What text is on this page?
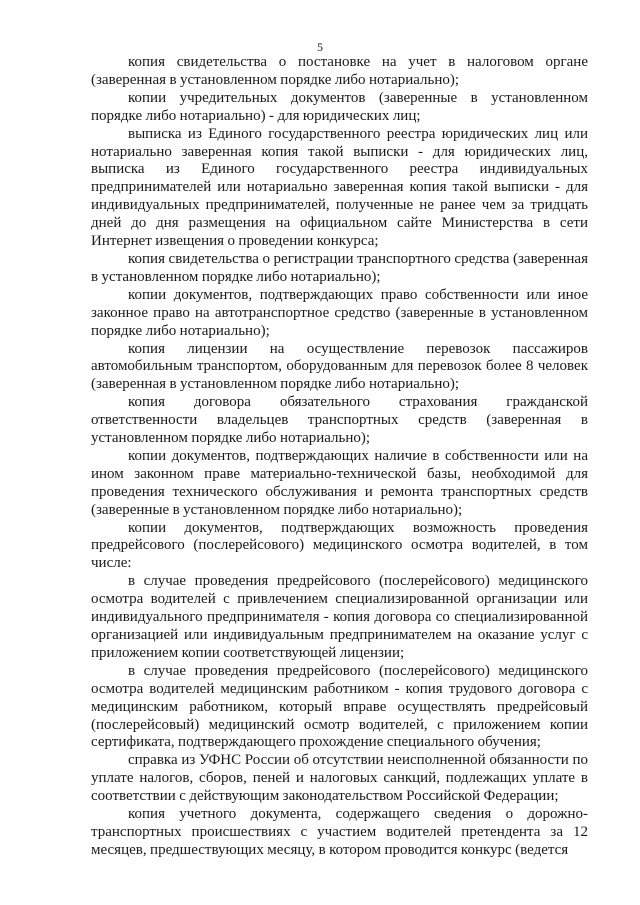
5

копия свидетельства о постановке на учет в налоговом органе (заверенная в установленном порядке либо нотариально);

копии учредительных документов (заверенные в установленном порядке либо нотариально) - для юридических лиц;

выписка из Единого государственного реестра юридических лиц или нотариально заверенная копия такой выписки - для юридических лиц, выписка из Единого государственного реестра индивидуальных предпринимателей или нотариально заверенная копия такой выписки - для индивидуальных предпринимателей, полученные не ранее чем за тридцать дней до дня размещения на официальном сайте Министерства в сети Интернет извещения о проведении конкурса;

копия свидетельства о регистрации транспортного средства (заверенная в установленном порядке либо нотариально);

копии документов, подтверждающих право собственности или иное законное право на автотранспортное средство (заверенные в установленном порядке либо нотариально);

копия лицензии на осуществление перевозок пассажиров автомобильным транспортом, оборудованным для перевозок более 8 человек (заверенная в установленном порядке либо нотариально);

копия договора обязательного страхования гражданской ответственности владельцев транспортных средств (заверенная в установленном порядке либо нотариально);

копии документов, подтверждающих наличие в собственности или на ином законном праве материально-технической базы, необходимой для проведения технического обслуживания и ремонта транспортных средств (заверенные в установленном порядке либо нотариально);

копии документов, подтверждающих возможность проведения предрейсового (послерейсового) медицинского осмотра водителей, в том числе:

в случае проведения предрейсового (послерейсового) медицинского осмотра водителей с привлечением специализированной организации или индивидуального предпринимателя - копия договора со специализированной организацией или индивидуальным предпринимателем на оказание услуг с приложением копии соответствующей лицензии;

в случае проведения предрейсового (послерейсового) медицинского осмотра водителей медицинским работником - копия трудового договора с медицинским работником, который вправе осуществлять предрейсовый (послерейсовый) медицинский осмотр водителей, с приложением копии сертификата, подтверждающего прохождение специального обучения;

справка из УФНС России об отсутствии неисполненной обязанности по уплате налогов, сборов, пеней и налоговых санкций, подлежащих уплате в соответствии с действующим законодательством Российской Федерации;

копия учетного документа, содержащего сведения о дорожно-транспортных происшествиях с участием водителей претендента за 12 месяцев, предшествующих месяцу, в котором проводится конкурс (ведется
